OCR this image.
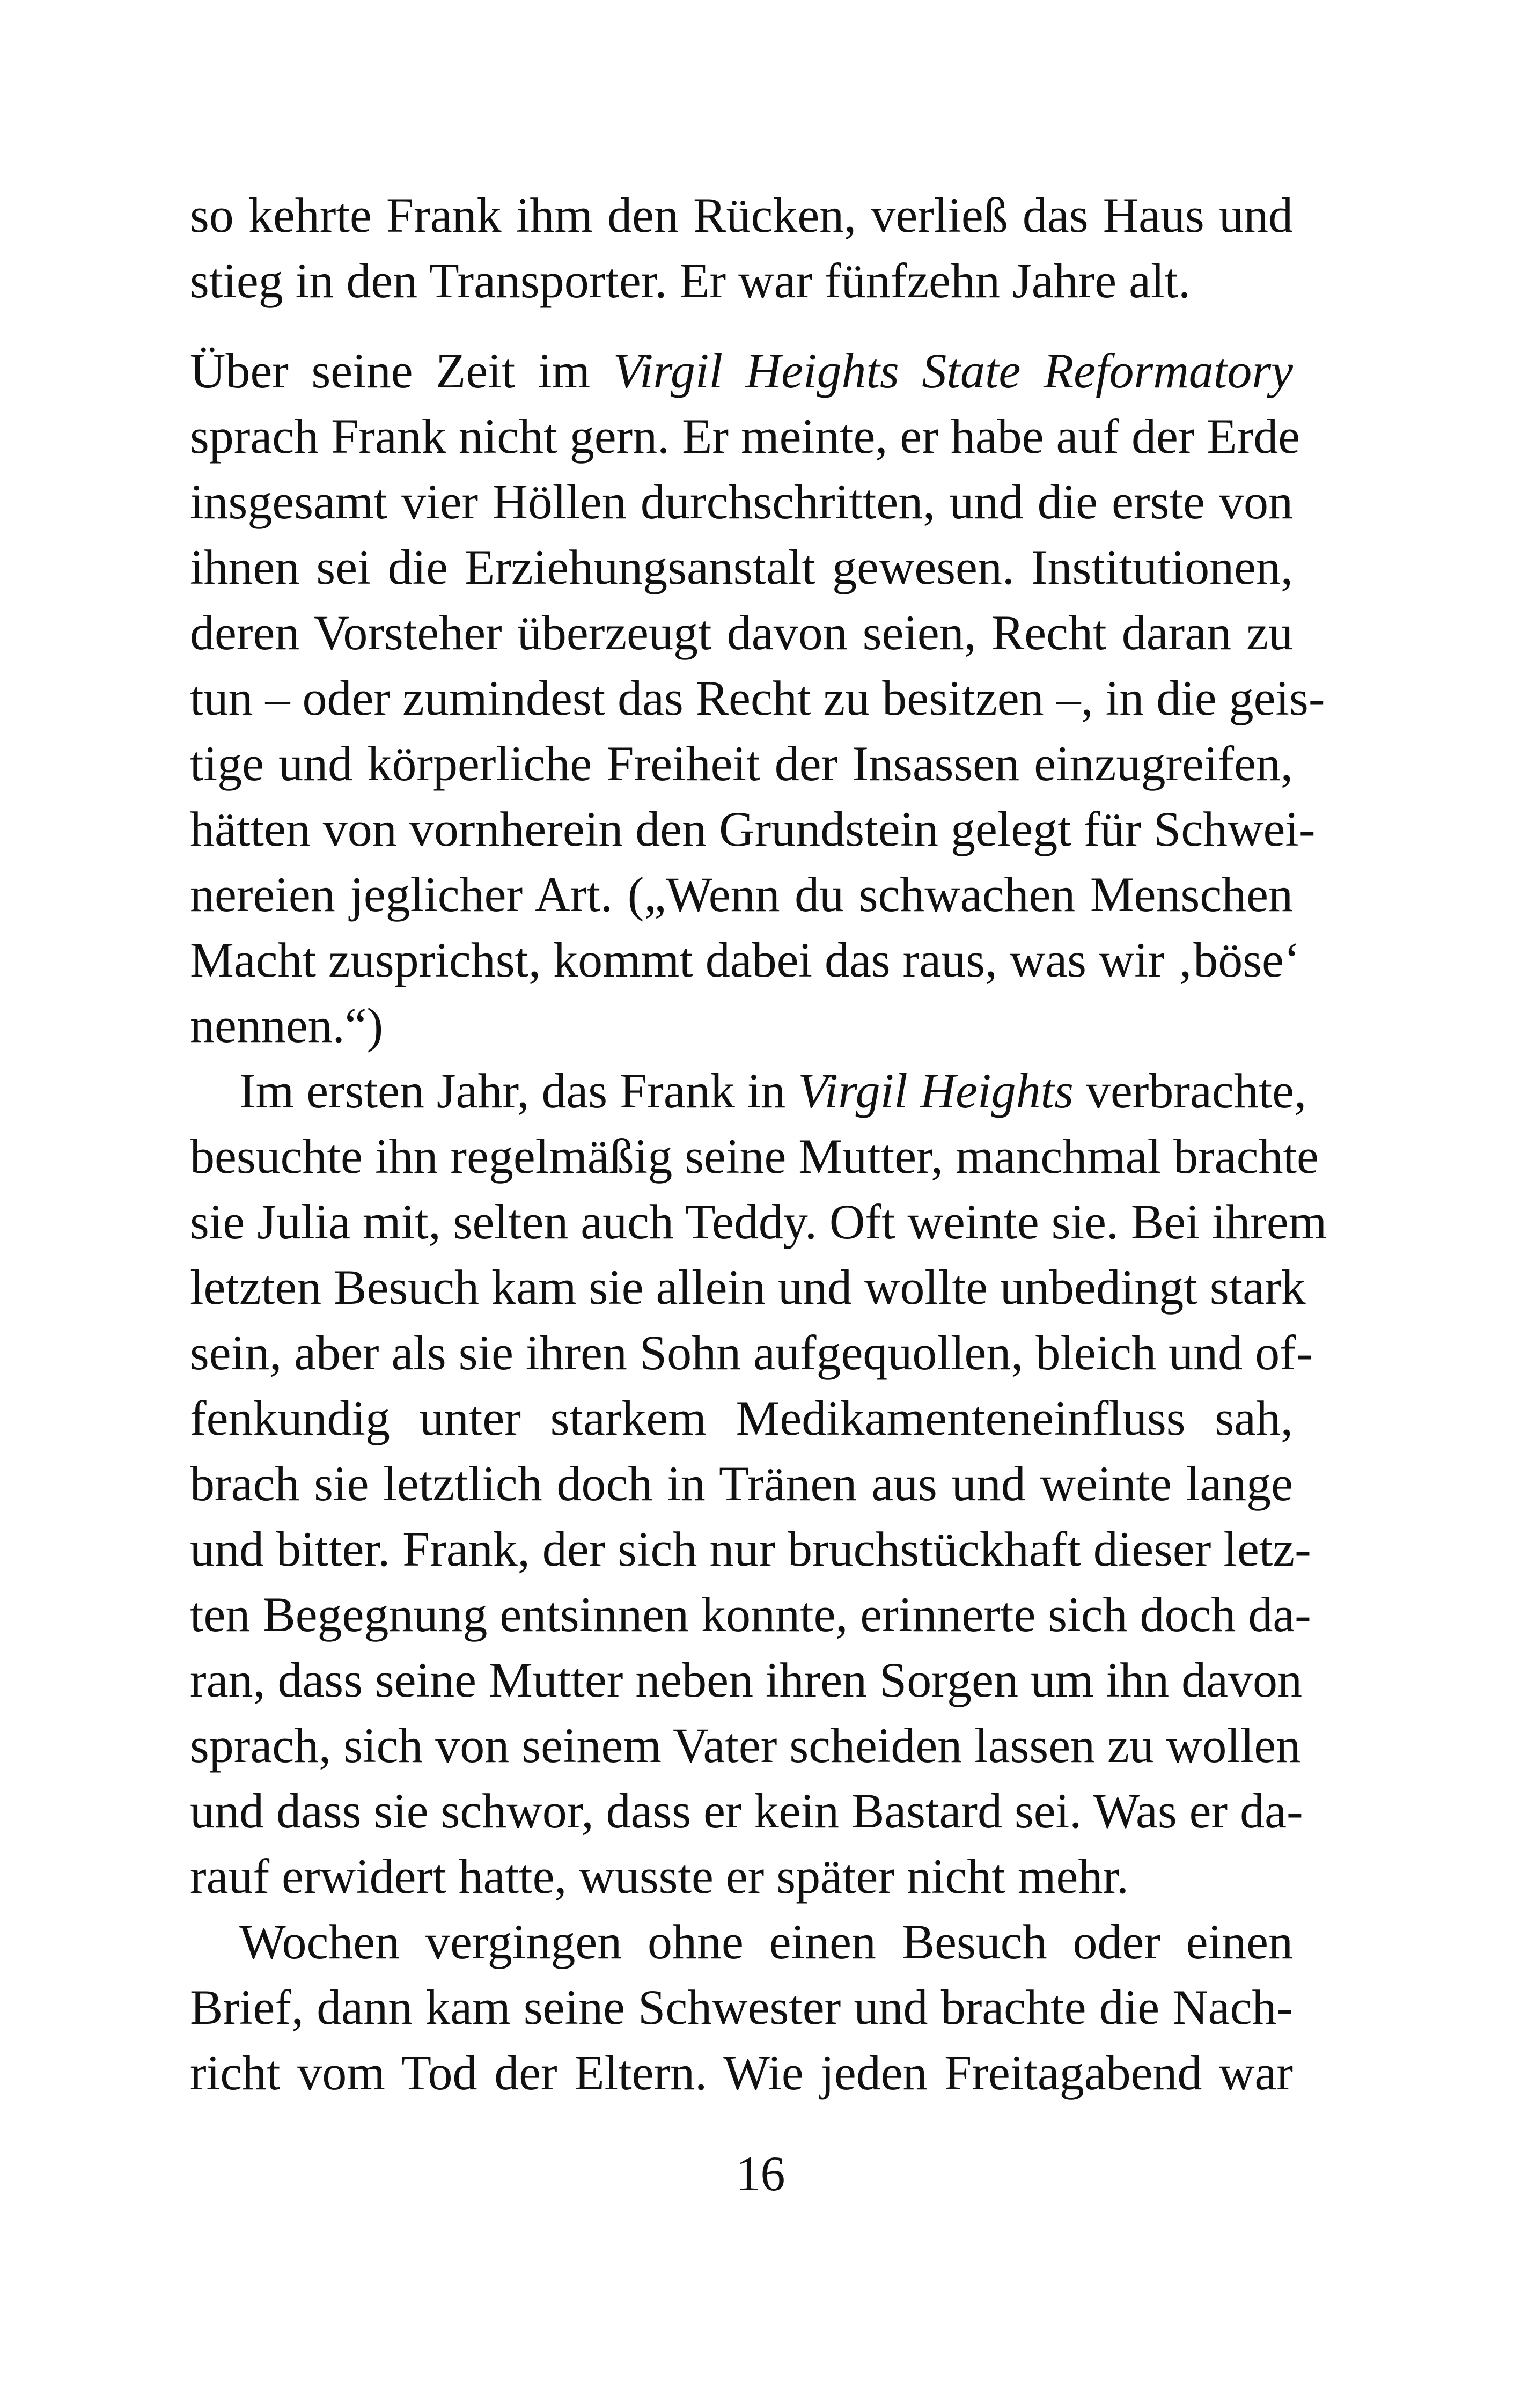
so kehrte Frank ihm den Rücken, verließ das Haus und
stieg in den Transporter. Er war fünfzehn Jahre alt.
Über seine Zeit im Virgil Heights State Reformatory
sprach Frank nicht gern. Er meinte, er habe auf der Erde
insgesamt vier Höllen durchschritten, und die erste von
ihnen sei die Erziehungsanstalt gewesen. Institutionen,
deren Vorsteher überzeugt davon seien, Recht daran zu
tun – oder zumindest das Recht zu besitzen –, in die geis-
tige und körperliche Freiheit der Insassen einzugreifen,
hätten von vornherein den Grundstein gelegt für Schwei-
nereien jeglicher Art. („Wenn du schwachen Menschen
Macht zusprichst, kommt dabei das raus, was wir ‚böse‘
nennen.“)
Im ersten Jahr, das Frank in Virgil Heights verbrachte,
besuchte ihn regelmäßig seine Mutter, manchmal brachte
sie Julia mit, selten auch Teddy. Oft weinte sie. Bei ihrem
letzten Besuch kam sie allein und wollte unbedingt stark
sein, aber als sie ihren Sohn aufgequollen, bleich und of-
fenkundig unter starkem Medikamenteneinfluss sah,
brach sie letztlich doch in Tränen aus und weinte lange
und bitter. Frank, der sich nur bruchstückhaft dieser letz-
ten Begegnung entsinnen konnte, erinnerte sich doch da-
ran, dass seine Mutter neben ihren Sorgen um ihn davon
sprach, sich von seinem Vater scheiden lassen zu wollen
und dass sie schwor, dass er kein Bastard sei. Was er da-
rauf erwidert hatte, wusste er später nicht mehr.
Wochen vergingen ohne einen Besuch oder einen
Brief, dann kam seine Schwester und brachte die Nach-
richt vom Tod der Eltern. Wie jeden Freitagabend war
16
